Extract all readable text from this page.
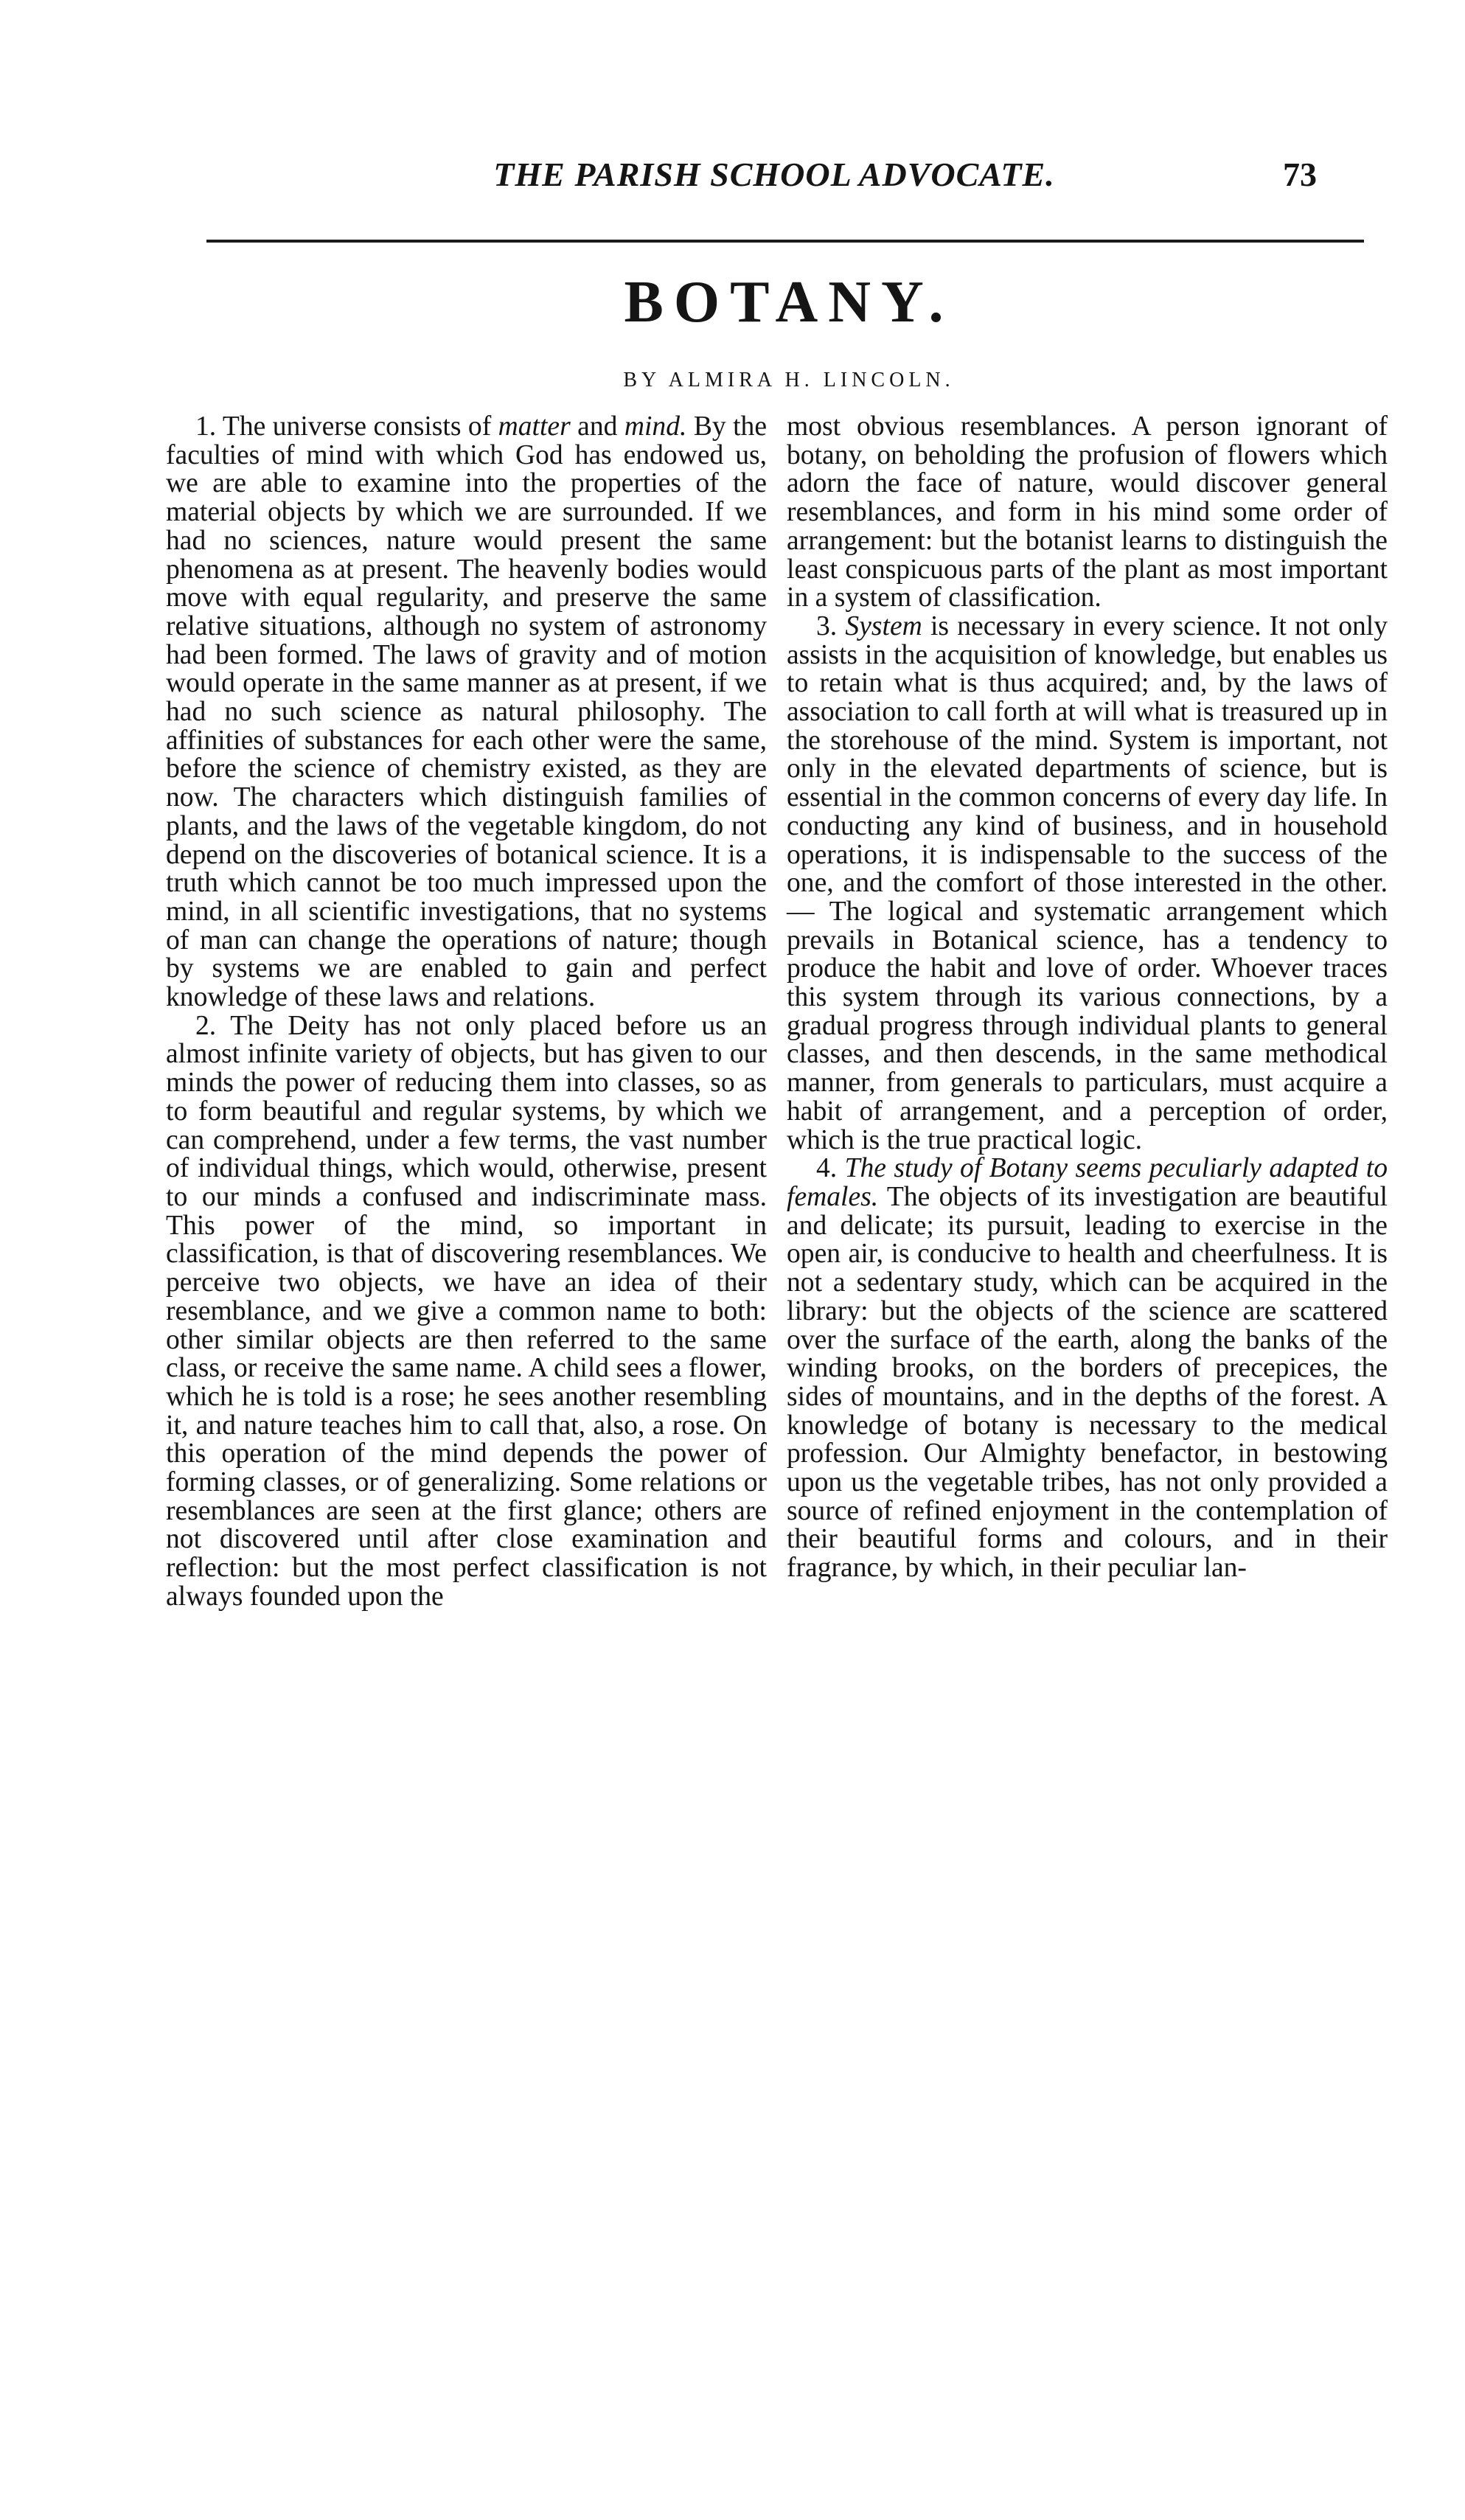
THE PARISH SCHOOL ADVOCATE.	73
BOTANY.
BY ALMIRA H. LINCOLN.

1. The universe consists of matter and mind. By the faculties of mind with which God has endowed us, we are able to examine into the properties of the material objects by which we are surrounded. If we had no sciences, nature would present the same phenomena as at present. The heavenly bodies would move with equal regularity, and preserve the same relative situations, although no system of astronomy had been formed. The laws of gravity and of motion would operate in the same manner as at present, if we had no such science as natural philosophy. The affinities of substances for each other were the same, before the science of chemistry existed, as they are now. The characters which distinguish families of plants, and the laws of the vegetable kingdom, do not depend on the discoveries of botanical science. It is a truth which cannot be too much impressed upon the mind, in all scientific investigations, that no systems of man can change the operations of nature; though by systems we are enabled to gain and perfect knowledge of these laws and relations.

2. The Deity has not only placed before us an almost infinite variety of objects, but has given to our minds the power of reducing them into classes, so as to form beautiful and regular systems, by which we can comprehend, under a few terms, the vast number of individual things, which would, otherwise, present to our minds a confused and indiscriminate mass. This power of the mind, so important in classification, is that of discovering resemblances. We perceive two objects, we have an idea of their resemblance, and we give a common name to both: other similar objects are then referred to the same class, or receive the same name. A child sees a flower, which he is told is a rose; he sees another resembling it, and nature teaches him to call that, also, a rose. On this operation of the mind depends the power of forming classes, or of generalizing. Some relations or resemblances are seen at the first glance; others are not discovered until after close examination and reflection: but the most perfect classification is not always founded upon the

most obvious resemblances. A person ignorant of botany, on beholding the profusion of flowers which adorn the face of nature, would discover general resemblances, and form in his mind some order of arrangement: but the botanist learns to distinguish the least conspicuous parts of the plant as most important in a system of classification.

3. System is necessary in every science. It not only assists in the acquisition of knowledge, but enables us to retain what is thus acquired; and, by the laws of association to call forth at will what is treasured up in the storehouse of the mind. System is important, not only in the elevated departments of science, but is essential in the common concerns of every day life. In conducting any kind of business, and in household operations, it is indispensable to the success of the one, and the comfort of those interested in the other.— The logical and systematic arrangement which prevails in Botanical science, has a tendency to produce the habit and love of order. Whoever traces this system through its various connections, by a gradual progress through individual plants to general classes, and then descends, in the same methodical manner, from generals to particulars, must acquire a habit of arrangement, and a perception of order, which is the true practical logic.

4. The study of Botany seems peculiarly adapted to females. The objects of its investigation are beautiful and delicate; its pursuit, leading to exercise in the open air, is conducive to health and cheerfulness. It is not a sedentary study, which can be acquired in the library: but the objects of the science are scattered over the surface of the earth, along the banks of the winding brooks, on the borders of precepices, the sides of mountains, and in the depths of the forest. A knowledge of botany is necessary to the medical profession. Our Almighty benefactor, in bestowing upon us the vegetable tribes, has not only provided a source of refined enjoyment in the contemplation of their beautiful forms and colours, and in their fragrance, by which, in their peculiar lan-
